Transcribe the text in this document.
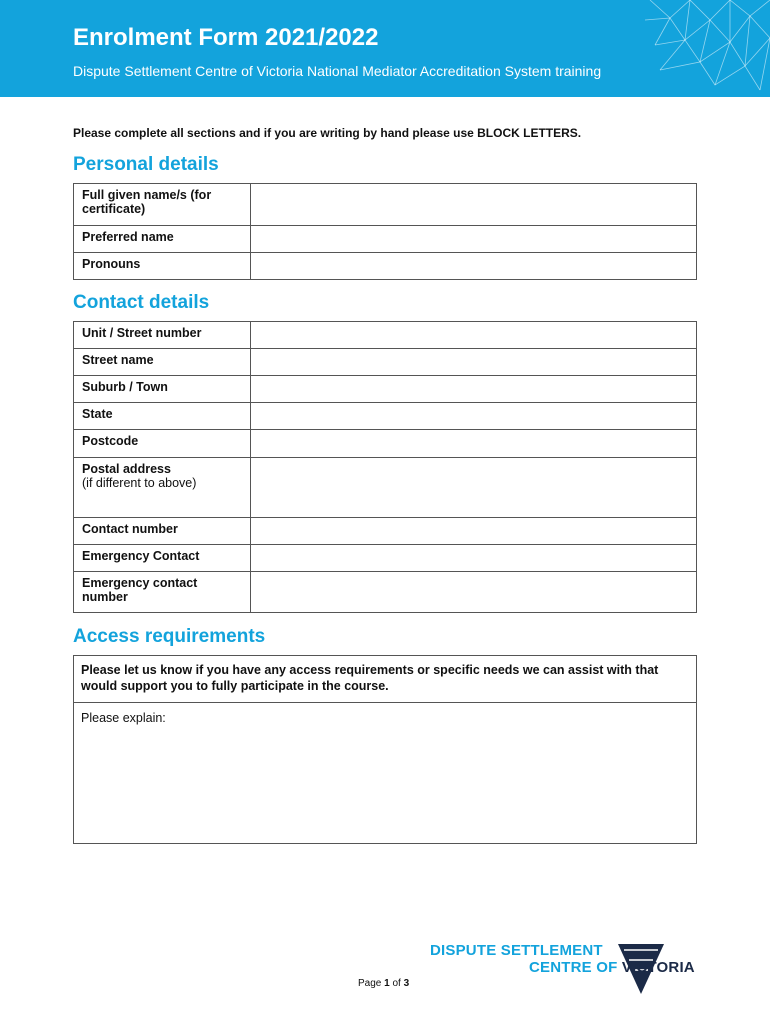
Enrolment Form 2021/2022

Dispute Settlement Centre of Victoria National Mediator Accreditation System training

Please complete all sections and if you are writing by hand please use BLOCK LETTERS.
Personal details
Full given name/s (for certificate)	
Preferred name	
Pronouns	
Contact details
Unit / Street number	
Street name	
Suburb / Town	
State	
Postcode	
Postal address
(if different to above)	

Contact number	
Emergency Contact	
Emergency contact number	
Access requirements
Please let us know if you have any access requirements or specific needs we can assist with that would support you to fully participate in the course.
Please explain:
DISPUTE SETTLEMENT
CENTRE OF VICTORIA
Page 1 of 3
